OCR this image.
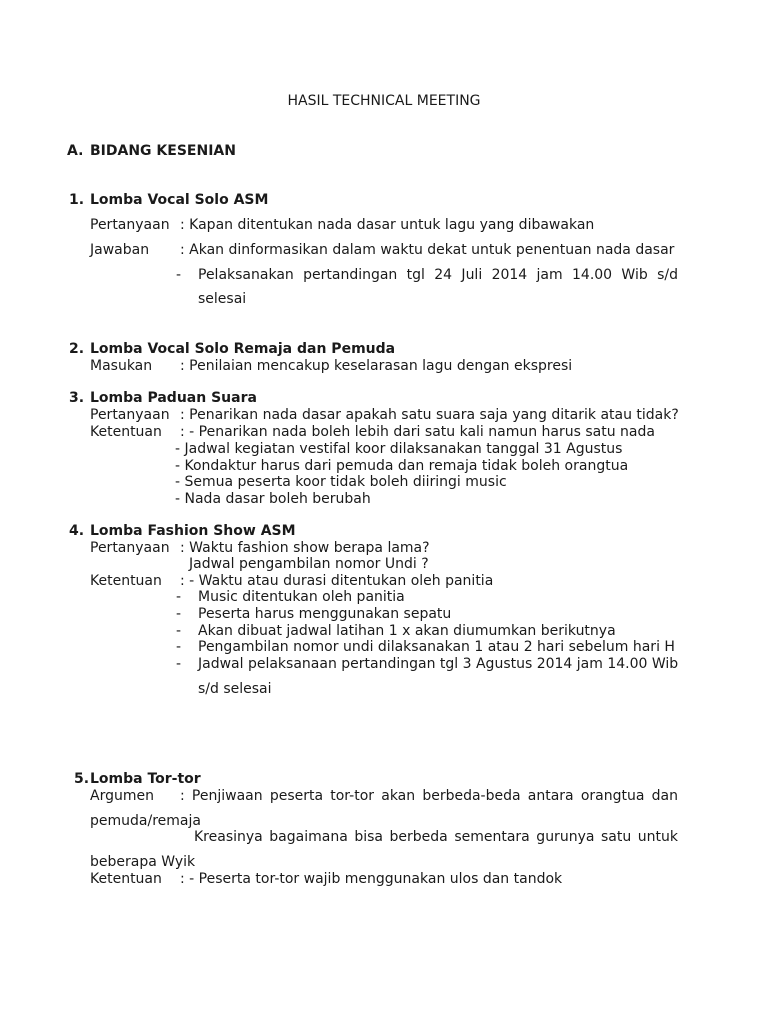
HASIL TECHNICAL MEETING
A. BIDANG KESENIAN
1. Lomba Vocal Solo ASM
Pertanyaan : Kapan ditentukan nada dasar untuk lagu yang dibawakan
Jawaban : Akan dinformasikan dalam waktu dekat untuk penentuan nada dasar
- Pelaksanakan pertandingan tgl 24 Juli 2014 jam 14.00 Wib s/d
selesai
2. Lomba Vocal Solo Remaja dan Pemuda
Masukan : Penilaian mencakup keselarasan lagu dengan ekspresi
3. Lomba Paduan Suara
Pertanyaan : Penarikan nada dasar apakah satu suara saja yang ditarik atau tidak?
Ketentuan : - Penarikan nada boleh lebih dari satu kali namun harus satu nada
- Jadwal kegiatan vestifal koor dilaksanakan tanggal 31 Agustus
- Kondaktur harus dari pemuda dan remaja tidak boleh orangtua
- Semua peserta koor tidak boleh diiringi music
- Nada dasar boleh berubah
4. Lomba Fashion Show ASM
Pertanyaan : Waktu fashion show berapa lama?
Jadwal pengambilan nomor Undi ?
Ketentuan : - Waktu atau durasi ditentukan oleh panitia
- Music ditentukan oleh panitia
- Peserta harus menggunakan sepatu
- Akan dibuat jadwal latihan 1 x akan diumumkan berikutnya
- Pengambilan nomor undi dilaksanakan 1 atau 2 hari sebelum hari H
- Jadwal pelaksanaan pertandingan tgl 3 Agustus 2014 jam 14.00 Wib
s/d selesai
5. Lomba Tor-tor
Argumen : Penjiwaan peserta tor-tor akan berbeda-beda antara orangtua dan
pemuda/remaja
Kreasinya bagaimana bisa berbeda sementara gurunya satu untuk
beberapa Wyik
Ketentuan : - Peserta tor-tor wajib menggunakan ulos dan tandok
